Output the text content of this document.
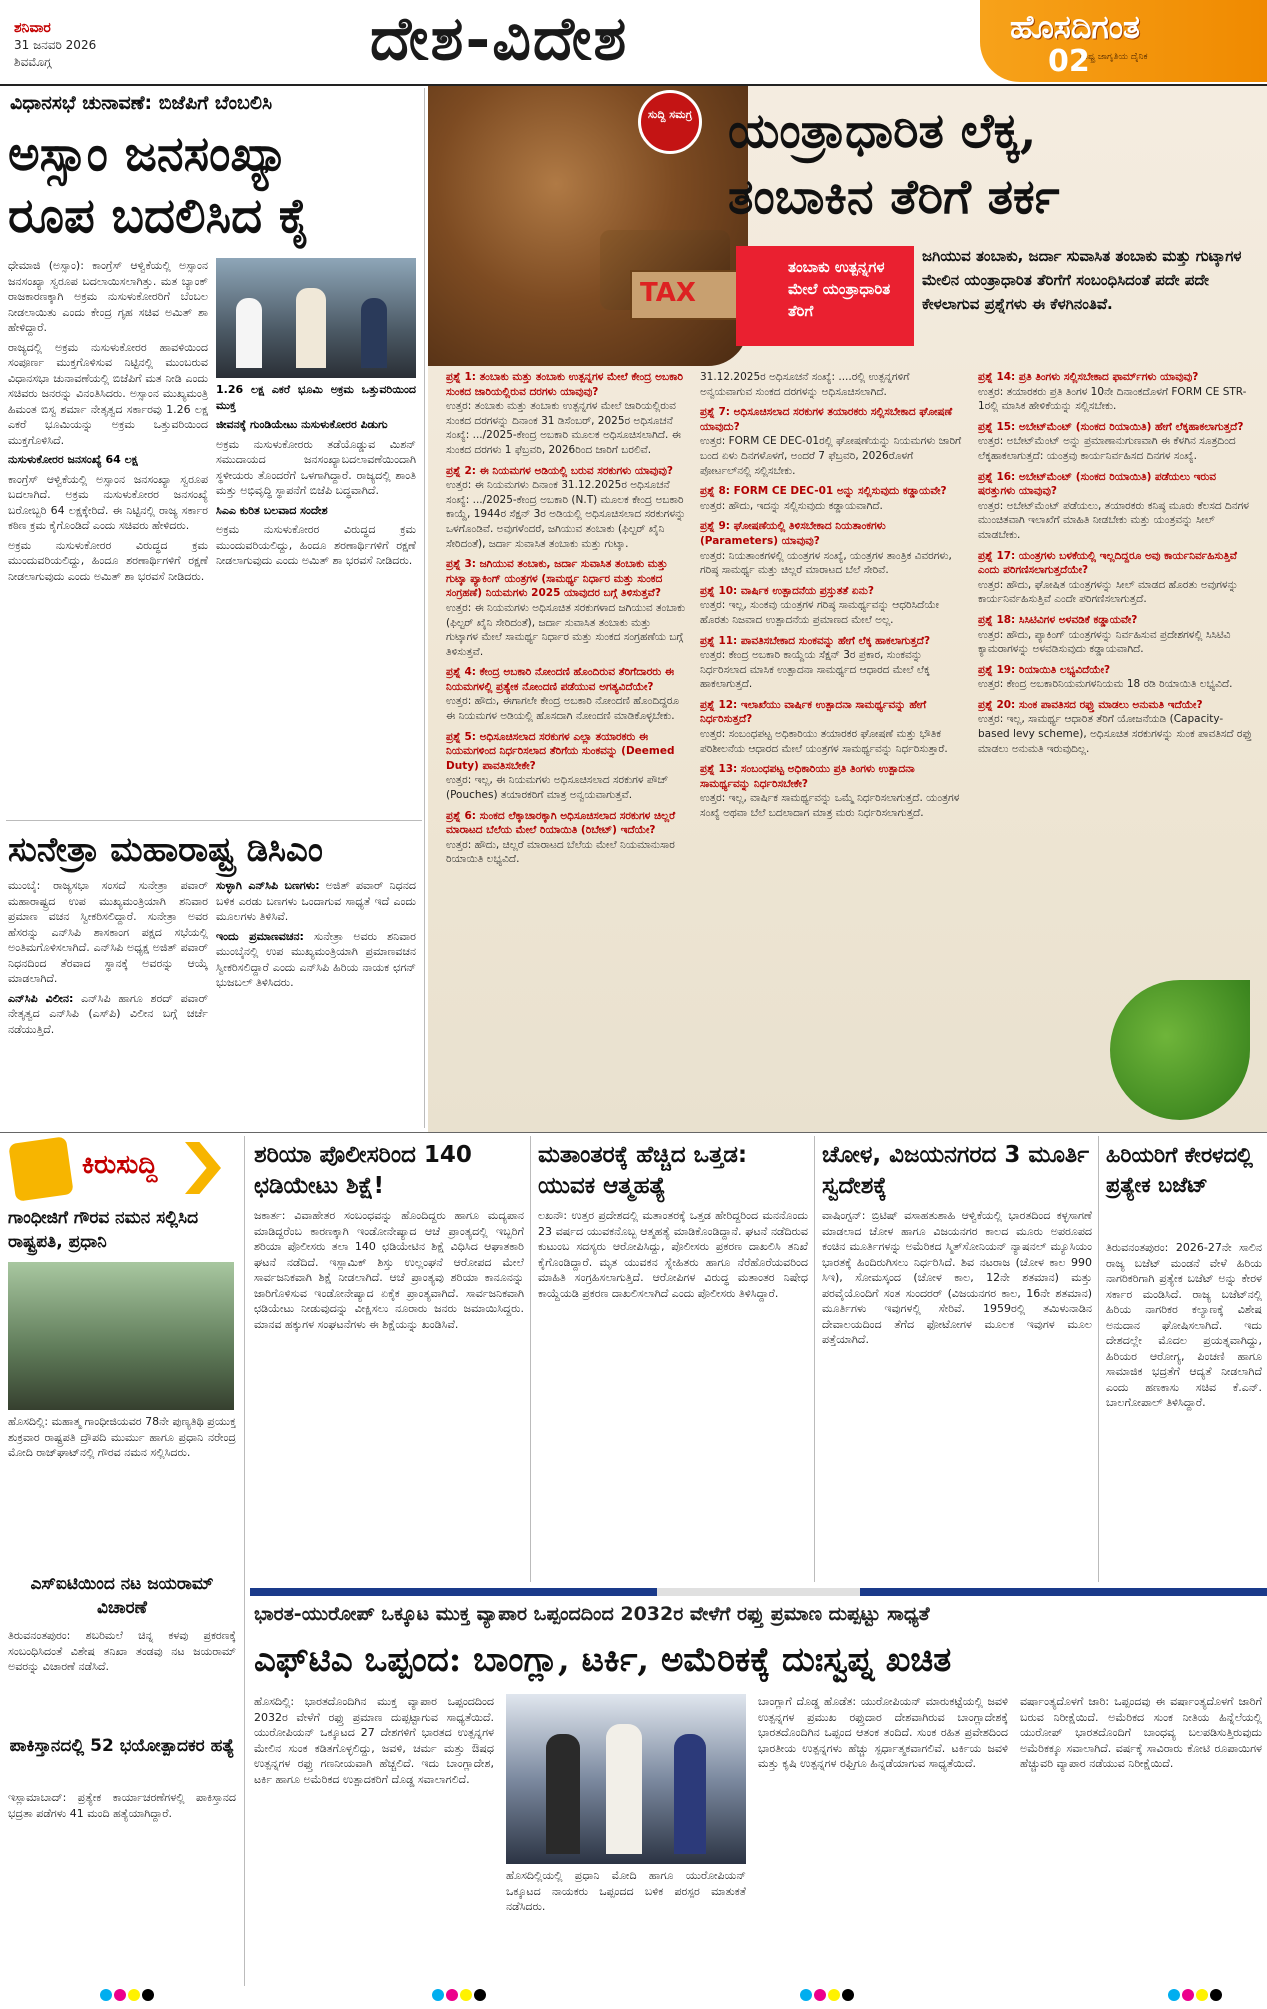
ಶನಿವಾರ
31 ಜನವರಿ 2026
ಶಿವಮೊಗ್ಗ	ದೇಶ-ವಿದೇಶ	ಹೊಸದಿಗಂತ
ರಾಷ್ಟ್ರ ಜಾಗೃತಿಯ ದೈನಿಕ
02
ವಿಧಾನಸಭೆ ಚುನಾವಣೆ: ಬಿಜೆಪಿಗೆ ಬೆಂಬಲಿಸಿ
ಅಸ್ಸಾಂ ಜನಸಂಖ್ಯಾ
ರೂಪ ಬದಲಿಸಿದ ಕೈ

ಧೇಮಾಜಿ (ಅಸ್ಸಾಂ): ಕಾಂಗ್ರೆಸ್ ಆಳ್ವಿಕೆಯಲ್ಲಿ ಅಸ್ಸಾಂನ ಜನಸಂಖ್ಯಾ ಸ್ವರೂಪ ಬದಲಾಯಿಸಲಾಗಿತ್ತು. ಮತ ಬ್ಯಾಂಕ್ ರಾಜಕಾರಣಕ್ಕಾಗಿ ಅಕ್ರಮ ನುಸುಳುಕೋರರಿಗೆ ಬೆಂಬಲ ನೀಡಲಾಯಿತು ಎಂದು ಕೇಂದ್ರ ಗೃಹ ಸಚಿವ ಅಮಿತ್ ಶಾ ಹೇಳಿದ್ದಾರೆ.

ರಾಜ್ಯದಲ್ಲಿ ಅಕ್ರಮ ನುಸುಳುಕೋರರ ಹಾವಳಿಯಿಂದ ಸಂಪೂರ್ಣ ಮುಕ್ತಗೊಳಿಸುವ ನಿಟ್ಟಿನಲ್ಲಿ ಮುಂಬರುವ ವಿಧಾನಸಭಾ ಚುನಾವಣೆಯಲ್ಲಿ ಬಿಜೆಪಿಗೆ ಮತ ನೀಡಿ ಎಂದು ಸಚಿವರು ಜನರನ್ನು ವಿನಂತಿಸಿದರು. ಅಸ್ಸಾಂನ ಮುಖ್ಯಮಂತ್ರಿ ಹಿಮಂತ ಬಿಸ್ವ ಶರ್ಮಾ ನೇತೃತ್ವದ ಸರ್ಕಾರವು 1.26 ಲಕ್ಷ ಎಕರೆ ಭೂಮಿಯನ್ನು ಅಕ್ರಮ ಒತ್ತುವರಿಯಿಂದ ಮುಕ್ತಗೊಳಿಸಿದೆ.

ನುಸುಳುಕೋರರ ಜನಸಂಖ್ಯೆ 64 ಲಕ್ಷ

ಕಾಂಗ್ರೆಸ್ ಆಳ್ವಿಕೆಯಲ್ಲಿ ಅಸ್ಸಾಂನ ಜನಸಂಖ್ಯಾ ಸ್ವರೂಪ ಬದಲಾಗಿದೆ. ಅಕ್ರಮ ನುಸುಳುಕೋರರ ಜನಸಂಖ್ಯೆ ಬರೋಬ್ಬರಿ 64 ಲಕ್ಷಕ್ಕೇರಿದೆ. ಈ ನಿಟ್ಟಿನಲ್ಲಿ ರಾಜ್ಯ ಸರ್ಕಾರ ಕಠಿಣ ಕ್ರಮ ಕೈಗೊಂಡಿದೆ ಎಂದು ಸಚಿವರು ಹೇಳಿದರು.

ಅಕ್ರಮ ನುಸುಳುಕೋರರ ವಿರುದ್ಧದ ಕ್ರಮ ಮುಂದುವರಿಯಲಿದ್ದು, ಹಿಂದೂ ಶರಣಾರ್ಥಿಗಳಿಗೆ ರಕ್ಷಣೆ ನೀಡಲಾಗುವುದು ಎಂದು ಅಮಿತ್ ಶಾ ಭರವಸೆ ನೀಡಿದರು.

1.26 ಲಕ್ಷ ಎಕರೆ ಭೂಮಿ ಅಕ್ರಮ ಒತ್ತುವರಿಯಿಂದ ಮುಕ್ತ

ಜೀವನಕ್ಕೆ ಗುಂಡಿಯೇಟು ನುಸುಳುಕೋರರ ಪಿಡುಗು

ಅಕ್ರಮ ನುಸುಳುಕೋರರು ತಡೆಯೊಡ್ಡುವ ಮಿಶನ್ ಸಮುದಾಯದ ಜನಸಂಖ್ಯಾಬದಲಾವಣೆಯಿಂದಾಗಿ ಸ್ಥಳೀಯರು ತೊಂದರೆಗೆ ಒಳಗಾಗಿದ್ದಾರೆ. ರಾಜ್ಯದಲ್ಲಿ ಶಾಂತಿ ಮತ್ತು ಅಭಿವೃದ್ಧಿ ಸ್ಥಾಪನೆಗೆ ಬಿಜೆಪಿ ಬದ್ಧವಾಗಿದೆ.

ಸಿಎಎ ಕುರಿತ ಬಲವಾದ ಸಂದೇಶ

ಅಕ್ರಮ ನುಸುಳುಕೋರರ ವಿರುದ್ಧದ ಕ್ರಮ ಮುಂದುವರಿಯಲಿದ್ದು, ಹಿಂದೂ ಶರಣಾರ್ಥಿಗಳಿಗೆ ರಕ್ಷಣೆ ನೀಡಲಾಗುವುದು ಎಂದು ಅಮಿತ್ ಶಾ ಭರವಸೆ ನೀಡಿದರು.

ಸುನೇತ್ರಾ ಮಹಾರಾಷ್ಟ್ರ ಡಿಸಿಎಂ

ಮುಂಬೈ: ರಾಜ್ಯಸಭಾ ಸಂಸದೆ ಸುನೇತ್ರಾ ಪವಾರ್ ಮಹಾರಾಷ್ಟ್ರದ ಉಪ ಮುಖ್ಯಮಂತ್ರಿಯಾಗಿ ಶನಿವಾರ ಪ್ರಮಾಣ ವಚನ ಸ್ವೀಕರಿಸಲಿದ್ದಾರೆ. ಸುನೇತ್ರಾ ಅವರ ಹೆಸರನ್ನು ಎನ್‌ಸಿಪಿ ಶಾಸಕಾಂಗ ಪಕ್ಷದ ಸಭೆಯಲ್ಲಿ ಅಂತಿಮಗೊಳಿಸಲಾಗಿದೆ. ಎನ್‌ಸಿಪಿ ಅಧ್ಯಕ್ಷ ಅಜಿತ್ ಪವಾರ್ ನಿಧನದಿಂದ ತೆರವಾದ ಸ್ಥಾನಕ್ಕೆ ಅವರನ್ನು ಆಯ್ಕೆ ಮಾಡಲಾಗಿದೆ.

ಎನ್‌ಸಿಪಿ ವಿಲೀನ: ಎನ್‌ಸಿಪಿ ಹಾಗೂ ಶರದ್ ಪವಾರ್ ನೇತೃತ್ವದ ಎನ್‌ಸಿಪಿ (ಎಸ್‌ಪಿ) ವಿಲೀನ ಬಗ್ಗೆ ಚರ್ಚೆ ನಡೆಯುತ್ತಿದೆ.

ಸುಳ್ಳಾಗಿ ಎನ್‌ಸಿಪಿ ಬಣಗಳು: ಅಜಿತ್ ಪವಾರ್ ನಿಧನದ ಬಳಿಕ ಎರಡು ಬಣಗಳು ಒಂದಾಗುವ ಸಾಧ್ಯತೆ ಇದೆ ಎಂದು ಮೂಲಗಳು ತಿಳಿಸಿವೆ.

ಇಂದು ಪ್ರಮಾಣವಚನ: ಸುನೇತ್ರಾ ಅವರು ಶನಿವಾರ ಮುಂಬೈನಲ್ಲಿ ಉಪ ಮುಖ್ಯಮಂತ್ರಿಯಾಗಿ ಪ್ರಮಾಣವಚನ ಸ್ವೀಕರಿಸಲಿದ್ದಾರೆ ಎಂದು ಎನ್‌ಸಿಪಿ ಹಿರಿಯ ನಾಯಕ ಛಗನ್ ಭುಜಬಲ್ ತಿಳಿಸಿದರು.

TAX
ಸುದ್ದಿ ಸಮಗ್ರ ಯಂತ್ರಾಧಾರಿತ ಲೆಕ್ಕ,
ತಂಬಾಕಿನ ತೆರಿಗೆ ತರ್ಕ
ತಂಬಾಕು ಉತ್ಪನ್ನಗಳ ಮೇಲೆ ಯಂತ್ರಾಧಾರಿತ ತೆರಿಗೆ
ಜಗಿಯುವ ತಂಬಾಕು, ಜರ್ದಾ ಸುವಾಸಿತ ತಂಬಾಕು ಮತ್ತು ಗುಟ್ಕಾಗಳ ಮೇಲಿನ ಯಂತ್ರಾಧಾರಿತ ತೆರಿಗೆಗೆ ಸಂಬಂಧಿಸಿದಂತೆ ಪದೇ ಪದೇ ಕೇಳಲಾಗುವ ಪ್ರಶ್ನೆಗಳು ಈ ಕೆಳಗಿನಂತಿವೆ.
ಪ್ರಶ್ನೆ 1: ತಂಬಾಕು ಮತ್ತು ತಂಬಾಕು ಉತ್ಪನ್ನಗಳ ಮೇಲೆ ಕೇಂದ್ರ ಅಬಕಾರಿ ಸುಂಕದ ಜಾರಿಯಲ್ಲಿರುವ ದರಗಳು ಯಾವುವು?
ಉತ್ತರ: ತಂಬಾಕು ಮತ್ತು ತಂಬಾಕು ಉತ್ಪನ್ನಗಳ ಮೇಲೆ ಜಾರಿಯಲ್ಲಿರುವ ಸುಂಕದ ದರಗಳನ್ನು ದಿನಾಂಕ 31 ಡಿಸೆಂಬರ್, 2025ರ ಅಧಿಸೂಚನೆ ಸಂಖ್ಯೆ: .../2025-ಕೇಂದ್ರ ಅಬಕಾರಿ ಮೂಲಕ ಅಧಿಸೂಚಿಸಲಾಗಿದೆ. ಈ ಸುಂಕದ ದರಗಳು 1 ಫೆಬ್ರವರಿ, 2026ರಿಂದ ಜಾರಿಗೆ ಬರಲಿವೆ.
ಪ್ರಶ್ನೆ 2: ಈ ನಿಯಮಗಳ ಅಡಿಯಲ್ಲಿ ಬರುವ ಸರಕುಗಳು ಯಾವುವು?
ಉತ್ತರ: ಈ ನಿಯಮಗಳು ದಿನಾಂಕ 31.12.2025ರ ಅಧಿಸೂಚನೆ ಸಂಖ್ಯೆ: .../2025-ಕೇಂದ್ರ ಅಬಕಾರಿ (N.T) ಮೂಲಕ ಕೇಂದ್ರ ಅಬಕಾರಿ ಕಾಯ್ದೆ, 1944ರ ಸೆಕ್ಷನ್ 3ರ ಅಡಿಯಲ್ಲಿ ಅಧಿಸೂಚಿಸಲಾದ ಸರಕುಗಳನ್ನು ಒಳಗೊಂಡಿವೆ. ಅವುಗಳೆಂದರೆ, ಜಗಿಯುವ ತಂಬಾಕು (ಫಿಲ್ಟರ್ ಖೈನಿ ಸೇರಿದಂತೆ), ಜರ್ದಾ ಸುವಾಸಿತ ತಂಬಾಕು ಮತ್ತು ಗುಟ್ಕಾ.
ಪ್ರಶ್ನೆ 3: ಜಗಿಯುವ ತಂಬಾಕು, ಜರ್ದಾ ಸುವಾಸಿತ ತಂಬಾಕು ಮತ್ತು ಗುಟ್ಕಾ ಪ್ಯಾಕಿಂಗ್ ಯಂತ್ರಗಳ (ಸಾಮರ್ಥ್ಯ ನಿರ್ಧಾರ ಮತ್ತು ಸುಂಕದ ಸಂಗ್ರಹಣೆ) ನಿಯಮಗಳು 2025 ಯಾವುದರ ಬಗ್ಗೆ ತಿಳಿಸುತ್ತವೆ?
ಉತ್ತರ: ಈ ನಿಯಮಗಳು ಅಧಿಸೂಚಿತ ಸರಕುಗಳಾದ ಜಗಿಯುವ ತಂಬಾಕು (ಫಿಲ್ಟರ್ ಖೈನಿ ಸೇರಿದಂತೆ), ಜರ್ದಾ ಸುವಾಸಿತ ತಂಬಾಕು ಮತ್ತು ಗುಟ್ಕಾಗಳ ಮೇಲೆ ಸಾಮರ್ಥ್ಯ ನಿರ್ಧಾರ ಮತ್ತು ಸುಂಕದ ಸಂಗ್ರಹಣೆಯ ಬಗ್ಗೆ ತಿಳಿಸುತ್ತವೆ.
ಪ್ರಶ್ನೆ 4: ಕೇಂದ್ರ ಅಬಕಾರಿ ನೋಂದಣಿ ಹೊಂದಿರುವ ತೆರಿಗೆದಾರರು ಈ ನಿಯಮಗಳಲ್ಲಿ ಪ್ರತ್ಯೇಕ ನೋಂದಣಿ ಪಡೆಯುವ ಅಗತ್ಯವಿದೆಯೇ?
ಉತ್ತರ: ಹೌದು, ಈಗಾಗಲೇ ಕೇಂದ್ರ ಅಬಕಾರಿ ನೋಂದಣಿ ಹೊಂದಿದ್ದರೂ ಈ ನಿಯಮಗಳ ಅಡಿಯಲ್ಲಿ ಹೊಸದಾಗಿ ನೋಂದಣಿ ಮಾಡಿಕೊಳ್ಳಬೇಕು.
ಪ್ರಶ್ನೆ 5: ಅಧಿಸೂಚಿಸಲಾದ ಸರಕುಗಳ ಎಲ್ಲಾ ತಯಾರಕರು ಈ ನಿಯಮಗಳಿಂದ ನಿರ್ಧರಿಸಲಾದ ತೆರಿಗೆಯ ಸುಂಕವನ್ನು (Deemed Duty) ಪಾವತಿಸಬೇಕೇ?
ಉತ್ತರ: ಇಲ್ಲ, ಈ ನಿಯಮಗಳು ಅಧಿಸೂಚಿಸಲಾದ ಸರಕುಗಳ ಪೌಚ್ (Pouches) ತಯಾರಕರಿಗೆ ಮಾತ್ರ ಅನ್ವಯವಾಗುತ್ತವೆ.
ಪ್ರಶ್ನೆ 6: ಸುಂಕದ ಲೆಕ್ಕಾಚಾರಕ್ಕಾಗಿ ಅಧಿಸೂಚಿಸಲಾದ ಸರಕುಗಳ ಚಿಲ್ಲರೆ ಮಾರಾಟದ ಬೆಲೆಯ ಮೇಲೆ ರಿಯಾಯಿತಿ (ರಿಬೇಟ್) ಇದೆಯೇ?
ಉತ್ತರ: ಹೌದು, ಚಿಲ್ಲರೆ ಮಾರಾಟದ ಬೆಲೆಯ ಮೇಲೆ ನಿಯಮಾನುಸಾರ ರಿಯಾಯಿತಿ ಲಭ್ಯವಿದೆ.
31.12.2025ರ ಅಧಿಸೂಚನೆ ಸಂಖ್ಯೆ: ....ರಲ್ಲಿ ಉತ್ಪನ್ನಗಳಿಗೆ ಅನ್ವಯವಾಗುವ ಸುಂಕದ ದರಗಳನ್ನು ಅಧಿಸೂಚಿಸಲಾಗಿದೆ.
ಪ್ರಶ್ನೆ 7: ಅಧಿಸೂಚಿಸಲಾದ ಸರಕುಗಳ ತಯಾರಕರು ಸಲ್ಲಿಸಬೇಕಾದ ಘೋಷಣೆ ಯಾವುದು?
ಉತ್ತರ: FORM CE DEC-01ರಲ್ಲಿ ಘೋಷಣೆಯನ್ನು ನಿಯಮಗಳು ಜಾರಿಗೆ ಬಂದ ಏಳು ದಿನಗಳೊಳಗೆ, ಅಂದರೆ 7 ಫೆಬ್ರವರಿ, 2026ರೊಳಗೆ ಪೋರ್ಟಲ್‌ನಲ್ಲಿ ಸಲ್ಲಿಸಬೇಕು.
ಪ್ರಶ್ನೆ 8: FORM CE DEC-01 ಅನ್ನು ಸಲ್ಲಿಸುವುದು ಕಡ್ಡಾಯವೇ?
ಉತ್ತರ: ಹೌದು, ಇದನ್ನು ಸಲ್ಲಿಸುವುದು ಕಡ್ಡಾಯವಾಗಿದೆ.
ಪ್ರಶ್ನೆ 9: ಘೋಷಣೆಯಲ್ಲಿ ತಿಳಿಸಬೇಕಾದ ನಿಯತಾಂಕಗಳು (Parameters) ಯಾವುವು?
ಉತ್ತರ: ನಿಯತಾಂಕಗಳಲ್ಲಿ ಯಂತ್ರಗಳ ಸಂಖ್ಯೆ, ಯಂತ್ರಗಳ ತಾಂತ್ರಿಕ ವಿವರಗಳು, ಗರಿಷ್ಠ ಸಾಮರ್ಥ್ಯ ಮತ್ತು ಚಿಲ್ಲರೆ ಮಾರಾಟದ ಬೆಲೆ ಸೇರಿವೆ.
ಪ್ರಶ್ನೆ 10: ವಾರ್ಷಿಕ ಉತ್ಪಾದನೆಯ ಪ್ರಸ್ತುತತೆ ಏನು?
ಉತ್ತರ: ಇಲ್ಲ, ಸುಂಕವು ಯಂತ್ರಗಳ ಗರಿಷ್ಠ ಸಾಮರ್ಥ್ಯವನ್ನು ಆಧರಿಸಿದೆಯೇ ಹೊರತು ನಿಜವಾದ ಉತ್ಪಾದನೆಯ ಪ್ರಮಾಣದ ಮೇಲೆ ಅಲ್ಲ.
ಪ್ರಶ್ನೆ 11: ಪಾವತಿಸಬೇಕಾದ ಸುಂಕವನ್ನು ಹೇಗೆ ಲೆಕ್ಕ ಹಾಕಲಾಗುತ್ತದೆ?
ಉತ್ತರ: ಕೇಂದ್ರ ಅಬಕಾರಿ ಕಾಯ್ದೆಯ ಸೆಕ್ಷನ್ 3ರ ಪ್ರಕಾರ, ಸುಂಕವನ್ನು ನಿರ್ಧರಿಸಲಾದ ಮಾಸಿಕ ಉತ್ಪಾದನಾ ಸಾಮರ್ಥ್ಯದ ಆಧಾರದ ಮೇಲೆ ಲೆಕ್ಕ ಹಾಕಲಾಗುತ್ತದೆ.
ಪ್ರಶ್ನೆ 12: ಇಲಾಖೆಯು ವಾರ್ಷಿಕ ಉತ್ಪಾದನಾ ಸಾಮರ್ಥ್ಯವನ್ನು ಹೇಗೆ ನಿರ್ಧರಿಸುತ್ತದೆ?
ಉತ್ತರ: ಸಂಬಂಧಪಟ್ಟ ಅಧಿಕಾರಿಯು ತಯಾರಕರ ಘೋಷಣೆ ಮತ್ತು ಭೌತಿಕ ಪರಿಶೀಲನೆಯ ಆಧಾರದ ಮೇಲೆ ಯಂತ್ರಗಳ ಸಾಮರ್ಥ್ಯವನ್ನು ನಿರ್ಧರಿಸುತ್ತಾರೆ.
ಪ್ರಶ್ನೆ 13: ಸಂಬಂಧಪಟ್ಟ ಅಧಿಕಾರಿಯು ಪ್ರತಿ ತಿಂಗಳು ಉತ್ಪಾದನಾ ಸಾಮರ್ಥ್ಯವನ್ನು ನಿರ್ಧರಿಸಬೇಕೇ?
ಉತ್ತರ: ಇಲ್ಲ, ವಾರ್ಷಿಕ ಸಾಮರ್ಥ್ಯವನ್ನು ಒಮ್ಮೆ ನಿರ್ಧರಿಸಲಾಗುತ್ತದೆ. ಯಂತ್ರಗಳ ಸಂಖ್ಯೆ ಅಥವಾ ಬೆಲೆ ಬದಲಾದಾಗ ಮಾತ್ರ ಮರು ನಿರ್ಧರಿಸಲಾಗುತ್ತದೆ.
ಪ್ರಶ್ನೆ 14: ಪ್ರತಿ ತಿಂಗಳು ಸಲ್ಲಿಸಬೇಕಾದ ಫಾರ್ಮ್‌ಗಳು ಯಾವುವು?
ಉತ್ತರ: ತಯಾರಕರು ಪ್ರತಿ ತಿಂಗಳ 10ನೇ ದಿನಾಂಕದೊಳಗೆ FORM CE STR-1ರಲ್ಲಿ ಮಾಸಿಕ ಹೇಳಿಕೆಯನ್ನು ಸಲ್ಲಿಸಬೇಕು.
ಪ್ರಶ್ನೆ 15: ಅಬೇಟ್‌ಮೆಂಟ್ (ಸುಂಕದ ರಿಯಾಯಿತಿ) ಹೇಗೆ ಲೆಕ್ಕಹಾಕಲಾಗುತ್ತದೆ?
ಉತ್ತರ: ಅಬೇಟ್‌ಮೆಂಟ್ ಅನ್ನು ಪ್ರಮಾಣಾನುಗುಣವಾಗಿ ಈ ಕೆಳಗಿನ ಸೂತ್ರದಿಂದ ಲೆಕ್ಕಹಾಕಲಾಗುತ್ತದೆ: ಯಂತ್ರವು ಕಾರ್ಯನಿರ್ವಹಿಸದ ದಿನಗಳ ಸಂಖ್ಯೆ.
ಪ್ರಶ್ನೆ 16: ಅಬೇಟ್‌ಮೆಂಟ್ (ಸುಂಕದ ರಿಯಾಯಿತಿ) ಪಡೆಯಲು ಇರುವ ಷರತ್ತುಗಳು ಯಾವುವು?
ಉತ್ತರ: ಅಬೇಟ್‌ಮೆಂಟ್ ಪಡೆಯಲು, ತಯಾರಕರು ಕನಿಷ್ಠ ಮೂರು ಕೆಲಸದ ದಿನಗಳ ಮುಂಚಿತವಾಗಿ ಇಲಾಖೆಗೆ ಮಾಹಿತಿ ನೀಡಬೇಕು ಮತ್ತು ಯಂತ್ರವನ್ನು ಸೀಲ್ ಮಾಡಬೇಕು.
ಪ್ರಶ್ನೆ 17: ಯಂತ್ರಗಳು ಬಳಕೆಯಲ್ಲಿ ಇಲ್ಲದಿದ್ದರೂ ಅವು ಕಾರ್ಯನಿರ್ವಹಿಸುತ್ತಿವೆ ಎಂದು ಪರಿಗಣಿಸಲಾಗುತ್ತದೆಯೇ?
ಉತ್ತರ: ಹೌದು, ಘೋಷಿತ ಯಂತ್ರಗಳನ್ನು ಸೀಲ್ ಮಾಡದ ಹೊರತು ಅವುಗಳನ್ನು ಕಾರ್ಯನಿರ್ವಹಿಸುತ್ತಿವೆ ಎಂದೇ ಪರಿಗಣಿಸಲಾಗುತ್ತದೆ.
ಪ್ರಶ್ನೆ 18: ಸಿಸಿಟಿವಿಗಳ ಅಳವಡಿಕೆ ಕಡ್ಡಾಯವೇ?
ಉತ್ತರ: ಹೌದು, ಪ್ಯಾಕಿಂಗ್ ಯಂತ್ರಗಳನ್ನು ನಿರ್ವಹಿಸುವ ಪ್ರದೇಶಗಳಲ್ಲಿ ಸಿಸಿಟಿವಿ ಕ್ಯಾಮರಾಗಳನ್ನು ಅಳವಡಿಸುವುದು ಕಡ್ಡಾಯವಾಗಿದೆ.
ಪ್ರಶ್ನೆ 19: ರಿಯಾಯಿತಿ ಲಭ್ಯವಿದೆಯೇ?
ಉತ್ತರ: ಕೇಂದ್ರ ಅಬಕಾರಿನಿಯಮಗಳನಿಯಮ 18 ರಡಿ ರಿಯಾಯಿತಿ ಲಭ್ಯವಿದೆ.
ಪ್ರಶ್ನೆ 20: ಸುಂಕ ಪಾವತಿಸದ ರಫ್ತು ಮಾಡಲು ಅನುಮತಿ ಇದೆಯೇ?
ಉತ್ತರ: ಇಲ್ಲ, ಸಾಮರ್ಥ್ಯ ಆಧಾರಿತ ತೆರಿಗೆ ಯೋಜನೆಯಡಿ (Capacity-based levy scheme), ಅಧಿಸೂಚಿತ ಸರಕುಗಳನ್ನು ಸುಂಕ ಪಾವತಿಸದೆ ರಫ್ತು ಮಾಡಲು ಅನುಮತಿ ಇರುವುದಿಲ್ಲ.
ಕಿರುಸುದ್ದಿ
ಗಾಂಧೀಜಿಗೆ ಗೌರವ ನಮನ ಸಲ್ಲಿಸಿದ ರಾಷ್ಟ್ರಪತಿ, ಪ್ರಧಾನಿ
ಹೊಸದಿಲ್ಲಿ: ಮಹಾತ್ಮ ಗಾಂಧೀಜಿಯವರ 78ನೇ ಪುಣ್ಯತಿಥಿ ಪ್ರಯುಕ್ತ ಶುಕ್ರವಾರ ರಾಷ್ಟ್ರಪತಿ ದ್ರೌಪದಿ ಮುರ್ಮು ಹಾಗೂ ಪ್ರಧಾನಿ ನರೇಂದ್ರ ಮೋದಿ ರಾಜ್‌ಘಾಟ್‌ನಲ್ಲಿ ಗೌರವ ನಮನ ಸಲ್ಲಿಸಿದರು.
ಎಸ್‌ಐಟಿಯಿಂದ ನಟ ಜಯರಾಮ್ ವಿಚಾರಣೆ
ತಿರುವನಂತಪುರಂ: ಶಬರಿಮಲೆ ಚಿನ್ನ ಕಳವು ಪ್ರಕರಣಕ್ಕೆ ಸಂಬಂಧಿಸಿದಂತೆ ವಿಶೇಷ ತನಿಖಾ ತಂಡವು ನಟ ಜಯರಾಮ್ ಅವರನ್ನು ವಿಚಾರಣೆ ನಡೆಸಿದೆ.
ಪಾಕಿಸ್ತಾನದಲ್ಲಿ 52 ಭಯೋತ್ಪಾದಕರ ಹತ್ಯೆ
ಇಸ್ಲಾಮಾಬಾದ್: ಪ್ರತ್ಯೇಕ ಕಾರ್ಯಾಚರಣೆಗಳಲ್ಲಿ ಪಾಕಿಸ್ತಾನದ ಭದ್ರತಾ ಪಡೆಗಳು 41 ಮಂದಿ ಹತ್ಯೆಯಾಗಿದ್ದಾರೆ.
ಶರಿಯಾ ಪೊಲೀಸರಿಂದ 140 ಛಡಿಯೇಟು ಶಿಕ್ಷೆ!
ಜಕಾರ್ತ: ವಿವಾಹೇತರ ಸಂಬಂಧವನ್ನು ಹೊಂದಿದ್ದರು ಹಾಗೂ ಮದ್ಯಪಾನ ಮಾಡಿದ್ದರೆಂಬ ಕಾರಣಕ್ಕಾಗಿ ಇಂಡೋನೇಷ್ಯಾದ ಆಚೆ ಪ್ರಾಂತ್ಯದಲ್ಲಿ ಇಬ್ಬರಿಗೆ ಶರಿಯಾ ಪೊಲೀಸರು ತಲಾ 140 ಛಡಿಯೇಟಿನ ಶಿಕ್ಷೆ ವಿಧಿಸಿದ ಆಘಾತಕಾರಿ ಘಟನೆ ನಡೆದಿದೆ. ಇಸ್ಲಾಮಿಕ್ ಶಿಸ್ತು ಉಲ್ಲಂಘನೆ ಆರೋಪದ ಮೇಲೆ ಸಾರ್ವಜನಿಕವಾಗಿ ಶಿಕ್ಷೆ ನೀಡಲಾಗಿದೆ. ಆಚೆ ಪ್ರಾಂತ್ಯವು ಶರಿಯಾ ಕಾನೂನನ್ನು ಜಾರಿಗೊಳಿಸುವ ಇಂಡೋನೇಷ್ಯಾದ ಏಕೈಕ ಪ್ರಾಂತ್ಯವಾಗಿದೆ. ಸಾರ್ವಜನಿಕವಾಗಿ ಛಡಿಯೇಟು ನೀಡುವುದನ್ನು ವೀಕ್ಷಿಸಲು ನೂರಾರು ಜನರು ಜಮಾಯಿಸಿದ್ದರು. ಮಾನವ ಹಕ್ಕುಗಳ ಸಂಘಟನೆಗಳು ಈ ಶಿಕ್ಷೆಯನ್ನು ಖಂಡಿಸಿವೆ.
ಮತಾಂತರಕ್ಕೆ ಹೆಚ್ಚಿದ ಒತ್ತಡ: ಯುವಕ ಆತ್ಮಹತ್ಯೆ
ಲಖನೌ: ಉತ್ತರ ಪ್ರದೇಶದಲ್ಲಿ ಮತಾಂತರಕ್ಕೆ ಒತ್ತಡ ಹೇರಿದ್ದರಿಂದ ಮನನೊಂದು 23 ವರ್ಷದ ಯುವಕನೊಬ್ಬ ಆತ್ಮಹತ್ಯೆ ಮಾಡಿಕೊಂಡಿದ್ದಾನೆ. ಘಟನೆ ನಡೆದಿರುವ ಕುಟುಂಬ ಸದಸ್ಯರು ಆರೋಪಿಸಿದ್ದು, ಪೊಲೀಸರು ಪ್ರಕರಣ ದಾಖಲಿಸಿ ತನಿಖೆ ಕೈಗೊಂಡಿದ್ದಾರೆ. ಮೃತ ಯುವಕನ ಸ್ನೇಹಿತರು ಹಾಗೂ ನೆರೆಹೊರೆಯವರಿಂದ ಮಾಹಿತಿ ಸಂಗ್ರಹಿಸಲಾಗುತ್ತಿದೆ. ಆರೋಪಿಗಳ ವಿರುದ್ಧ ಮತಾಂತರ ನಿಷೇಧ ಕಾಯ್ದೆಯಡಿ ಪ್ರಕರಣ ದಾಖಲಿಸಲಾಗಿದೆ ಎಂದು ಪೊಲೀಸರು ತಿಳಿಸಿದ್ದಾರೆ.
ಚೋಳ, ವಿಜಯನಗರದ 3 ಮೂರ್ತಿ ಸ್ವದೇಶಕ್ಕೆ
ವಾಷಿಂಗ್ಟನ್: ಬ್ರಿಟಿಷ್ ವಸಾಹತುಶಾಹಿ ಆಳ್ವಿಕೆಯಲ್ಲಿ ಭಾರತದಿಂದ ಕಳ್ಳಸಾಗಣೆ ಮಾಡಲಾದ ಚೋಳ ಹಾಗೂ ವಿಜಯನಗರ ಕಾಲದ ಮೂರು ಅಪರೂಪದ ಕಂಚಿನ ಮೂರ್ತಿಗಳನ್ನು ಅಮೆರಿಕದ ಸ್ಮಿತ್‌ಸೋನಿಯನ್ ನ್ಯಾಷನಲ್ ಮ್ಯೂಸಿಯಂ ಭಾರತಕ್ಕೆ ಹಿಂದಿರುಗಿಸಲು ನಿರ್ಧರಿಸಿದೆ. ಶಿವ ನಟರಾಜ (ಚೋಳ ಕಾಲ 990 ಸಿಇ), ಸೋಮಸ್ಕಂದ (ಚೋಳ ಕಾಲ, 12ನೇ ಶತಮಾನ) ಮತ್ತು ಪರವೈಯೊಂದಿಗೆ ಸಂತ ಸುಂದರರ್ (ವಿಜಯನಗರ ಕಾಲ, 16ನೇ ಶತಮಾನ) ಮೂರ್ತಿಗಳು ಇವುಗಳಲ್ಲಿ ಸೇರಿವೆ. 1959ರಲ್ಲಿ ತಮಿಳುನಾಡಿನ ದೇವಾಲಯದಿಂದ ತೆಗೆದ ಫೋಟೋಗಳ ಮೂಲಕ ಇವುಗಳ ಮೂಲ ಪತ್ತೆಯಾಗಿದೆ.
ಹಿರಿಯರಿಗೆ ಕೇರಳದಲ್ಲಿ ಪ್ರತ್ಯೇಕ ಬಜೆಟ್
ತಿರುವನಂತಪುರಂ: 2026-27ನೇ ಸಾಲಿನ ರಾಜ್ಯ ಬಜೆಟ್ ಮಂಡನೆ ವೇಳೆ ಹಿರಿಯ ನಾಗರಿಕರಿಗಾಗಿ ಪ್ರತ್ಯೇಕ ಬಜೆಟ್ ಅನ್ನು ಕೇರಳ ಸರ್ಕಾರ ಮಂಡಿಸಿದೆ. ರಾಜ್ಯ ಬಜೆಟ್‌ನಲ್ಲಿ ಹಿರಿಯ ನಾಗರಿಕರ ಕಲ್ಯಾಣಕ್ಕೆ ವಿಶೇಷ ಅನುದಾನ ಘೋಷಿಸಲಾಗಿದೆ. ಇದು ದೇಶದಲ್ಲೇ ಮೊದಲ ಪ್ರಯತ್ನವಾಗಿದ್ದು, ಹಿರಿಯರ ಆರೋಗ್ಯ, ಪಿಂಚಣಿ ಹಾಗೂ ಸಾಮಾಜಿಕ ಭದ್ರತೆಗೆ ಆದ್ಯತೆ ನೀಡಲಾಗಿದೆ ಎಂದು ಹಣಕಾಸು ಸಚಿವ ಕೆ.ಎನ್. ಬಾಲಗೋಪಾಲ್ ತಿಳಿಸಿದ್ದಾರೆ.
ಭಾರತ-ಯುರೋಪ್ ಒಕ್ಕೂಟ ಮುಕ್ತ ವ್ಯಾಪಾರ ಒಪ್ಪಂದದಿಂದ 2032ರ ವೇಳೆಗೆ ರಫ್ತು ಪ್ರಮಾಣ ದುಪ್ಪಟ್ಟು ಸಾಧ್ಯತೆ
ಎಫ್‌ಟಿಎ ಒಪ್ಪಂದ: ಬಾಂಗ್ಲಾ, ಟರ್ಕಿ, ಅಮೆರಿಕಕ್ಕೆ ದುಃಸ್ವಪ್ನ ಖಚಿತ
ಹೊಸದಿಲ್ಲಿ: ಭಾರತದೊಂದಿಗಿನ ಮುಕ್ತ ವ್ಯಾಪಾರ ಒಪ್ಪಂದದಿಂದ 2032ರ ವೇಳೆಗೆ ರಫ್ತು ಪ್ರಮಾಣ ದುಪ್ಪಟ್ಟಾಗುವ ಸಾಧ್ಯತೆಯಿದೆ. ಯುರೋಪಿಯನ್ ಒಕ್ಕೂಟದ 27 ದೇಶಗಳಿಗೆ ಭಾರತದ ಉತ್ಪನ್ನಗಳ ಮೇಲಿನ ಸುಂಕ ಕಡಿತಗೊಳ್ಳಲಿದ್ದು, ಜವಳಿ, ಚರ್ಮ ಮತ್ತು ಔಷಧ ಉತ್ಪನ್ನಗಳ ರಫ್ತು ಗಣನೀಯವಾಗಿ ಹೆಚ್ಚಲಿದೆ. ಇದು ಬಾಂಗ್ಲಾದೇಶ, ಟರ್ಕಿ ಹಾಗೂ ಅಮೆರಿಕದ ಉತ್ಪಾದಕರಿಗೆ ದೊಡ್ಡ ಸವಾಲಾಗಲಿದೆ.
ಹೊಸದಿಲ್ಲಿಯಲ್ಲಿ ಪ್ರಧಾನಿ ಮೋದಿ ಹಾಗೂ ಯುರೋಪಿಯನ್ ಒಕ್ಕೂಟದ ನಾಯಕರು ಒಪ್ಪಂದದ ಬಳಿಕ ಪರಸ್ಪರ ಮಾತುಕತೆ ನಡೆಸಿದರು.
ಬಾಂಗ್ಲಾಗೆ ದೊಡ್ಡ ಹೊಡೆತ: ಯುರೋಪಿಯನ್ ಮಾರುಕಟ್ಟೆಯಲ್ಲಿ ಜವಳಿ ಉತ್ಪನ್ನಗಳ ಪ್ರಮುಖ ರಫ್ತುದಾರ ದೇಶವಾಗಿರುವ ಬಾಂಗ್ಲಾದೇಶಕ್ಕೆ ಭಾರತದೊಂದಿಗಿನ ಒಪ್ಪಂದ ಆತಂಕ ತಂದಿದೆ. ಸುಂಕ ರಹಿತ ಪ್ರವೇಶದಿಂದ ಭಾರತೀಯ ಉತ್ಪನ್ನಗಳು ಹೆಚ್ಚು ಸ್ಪರ್ಧಾತ್ಮಕವಾಗಲಿವೆ. ಟರ್ಕಿಯ ಜವಳಿ ಮತ್ತು ಕೃಷಿ ಉತ್ಪನ್ನಗಳ ರಫ್ತಿಗೂ ಹಿನ್ನಡೆಯಾಗುವ ಸಾಧ್ಯತೆಯಿದೆ.
ವರ್ಷಾಂತ್ಯದೊಳಗೆ ಜಾರಿ: ಒಪ್ಪಂದವು ಈ ವರ್ಷಾಂತ್ಯದೊಳಗೆ ಜಾರಿಗೆ ಬರುವ ನಿರೀಕ್ಷೆಯಿದೆ. ಅಮೆರಿಕದ ಸುಂಕ ನೀತಿಯ ಹಿನ್ನೆಲೆಯಲ್ಲಿ ಯುರೋಪ್ ಭಾರತದೊಂದಿಗೆ ಬಾಂಧವ್ಯ ಬಲಪಡಿಸುತ್ತಿರುವುದು ಅಮೆರಿಕಕ್ಕೂ ಸವಾಲಾಗಿದೆ. ವರ್ಷಕ್ಕೆ ಸಾವಿರಾರು ಕೋಟಿ ರೂಪಾಯಿಗಳ ಹೆಚ್ಚುವರಿ ವ್ಯಾಪಾರ ನಡೆಯುವ ನಿರೀಕ್ಷೆಯಿದೆ.
